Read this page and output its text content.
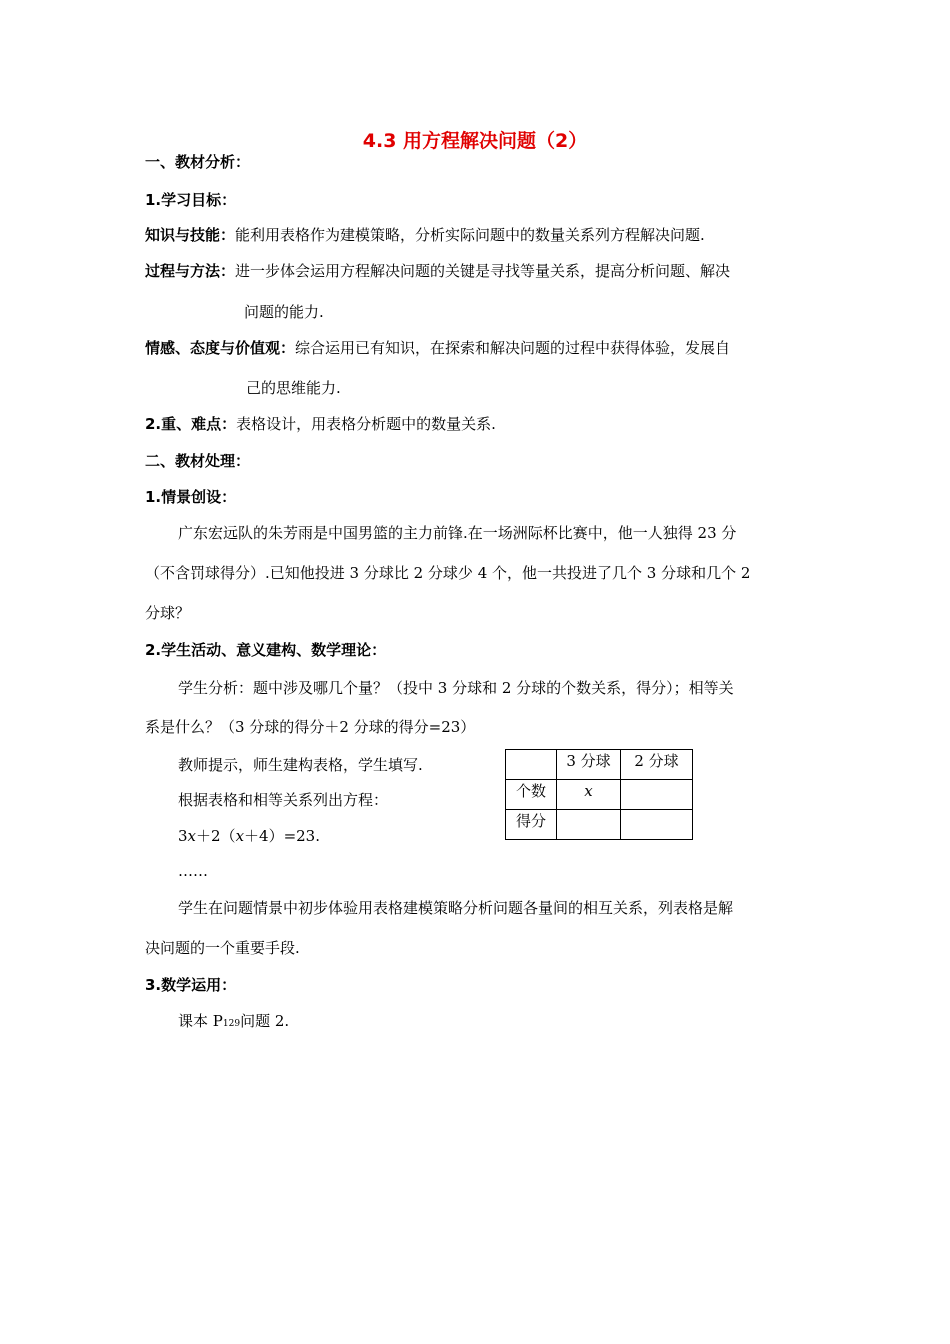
4.3 用方程解决问题（2）
一、教材分析：
1.学习目标：
知识与技能：能利用表格作为建模策略，分析实际问题中的数量关系列方程解决问题.
过程与方法：进一步体会运用方程解决问题的关键是寻找等量关系，提高分析问题、解决
问题的能力.
情感、态度与价值观：综合运用已有知识，在探索和解决问题的过程中获得体验，发展自
己的思维能力.
2.重、难点：表格设计，用表格分析题中的数量关系.
二、教材处理：
1.情景创设：
广东宏远队的朱芳雨是中国男篮的主力前锋.在一场洲际杯比赛中，他一人独得 23 分
（不含罚球得分）.已知他投进 3 分球比 2 分球少 4 个，他一共投进了几个 3 分球和几个 2
分球？
2.学生活动、意义建构、数学理论：
学生分析：题中涉及哪几个量？（投中 3 分球和 2 分球的个数关系，得分）；相等关
系是什么？（3 分球的得分＋2 分球的得分=23）
教师提示，师生建构表格，学生填写.
根据表格和相等关系列出方程：
3x＋2（x＋4）=23.
……
	3 分球	2 分球
个数	x	
得分		
学生在问题情景中初步体验用表格建模策略分析问题各量间的相互关系，列表格是解
决问题的一个重要手段.
3.数学运用：
课本 P129问题 2.
